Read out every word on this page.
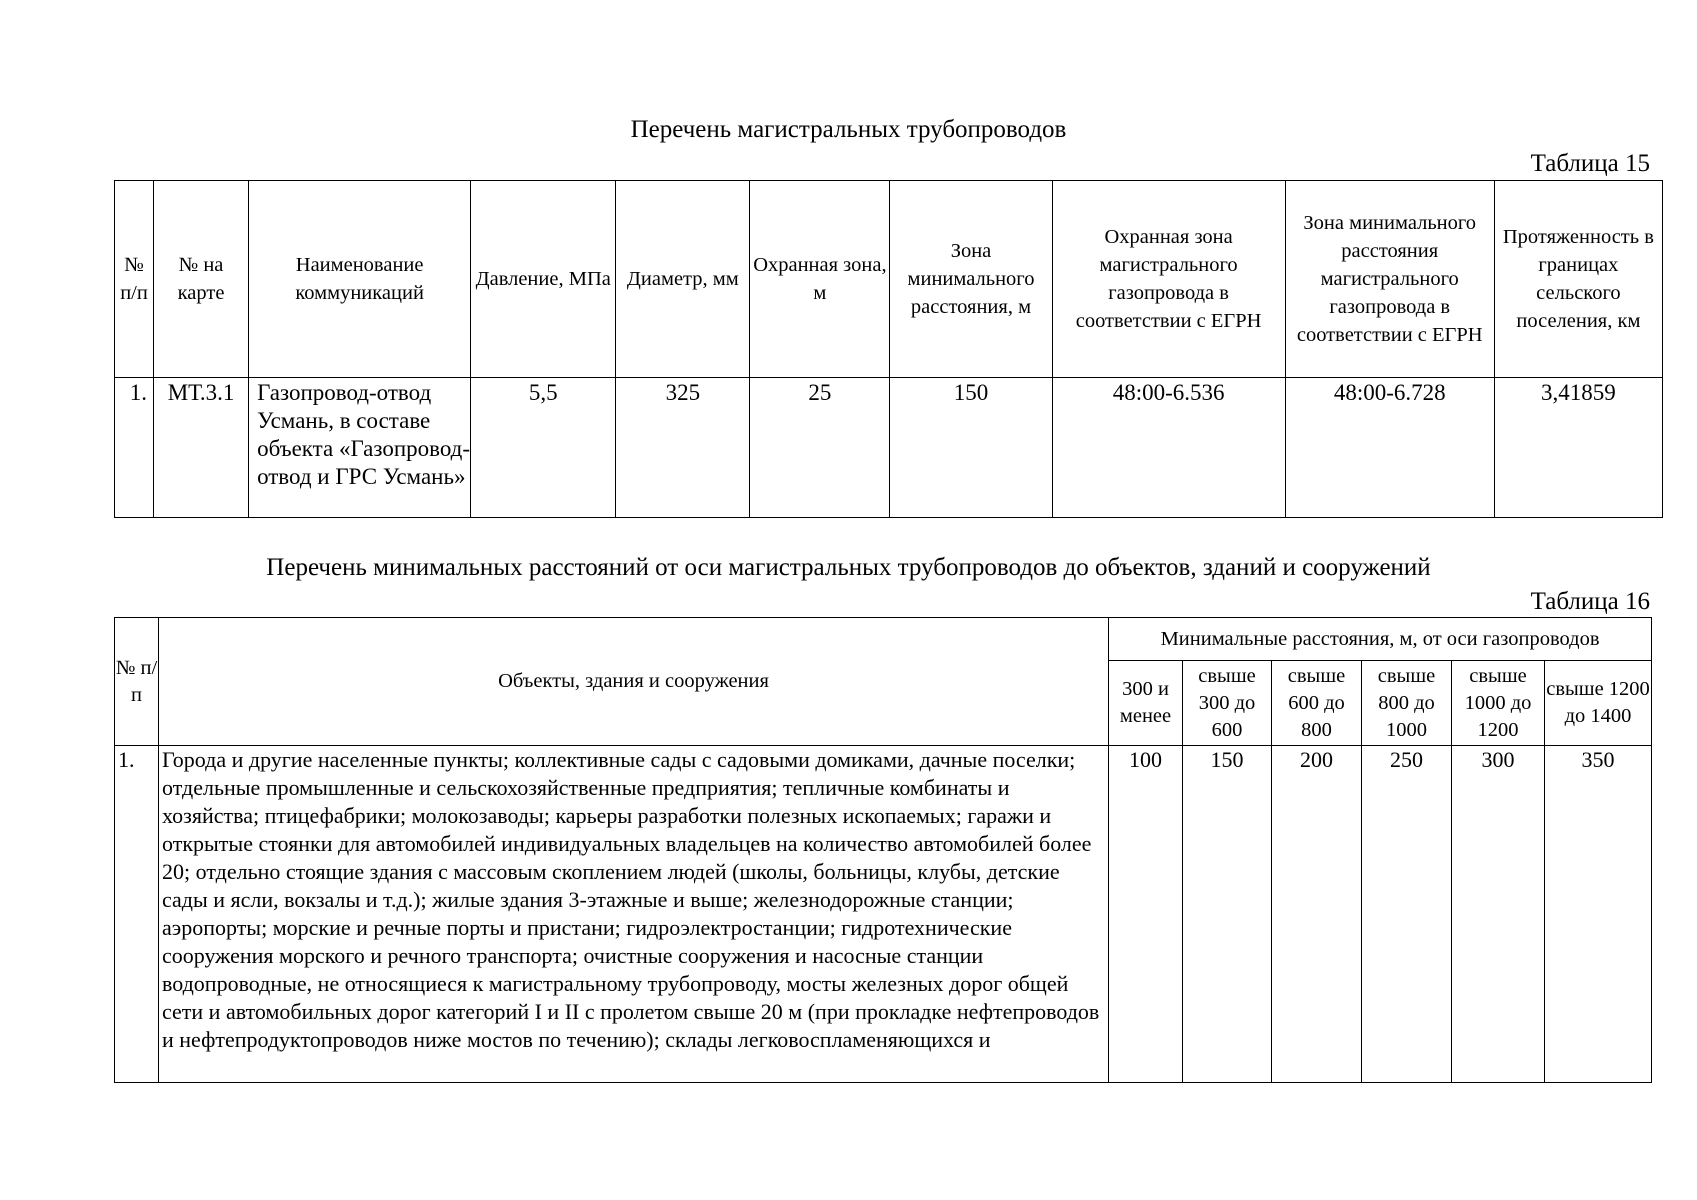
Перечень магистральных трубопроводов
Таблица 15
№ п/п	№ на карте	Наименование коммуникаций	Давление, МПа	Диаметр, мм	Охранная зона, м	Зона минимального расстояния, м	Охранная зона магистрального газопровода в соответствии с ЕГРН	Зона минимального расстояния магистрального газопровода в соответствии с ЕГРН	Протяженность в границах сельского поселения, км
1.	МТ.3.1	Газопровод-отвод Усмань, в составе объекта «Газопровод-отвод и ГРС Усмань»	5,5	325	25	150	48:00-6.536	48:00-6.728	3,41859
Перечень минимальных расстояний от оси магистральных трубопроводов до объектов, зданий и сооружений
Таблица 16
№ п/п	Объекты, здания и сооружения	Минимальные расстояния, м, от оси газопроводов					
		300 и менее	свыше 300 до 600	свыше 600 до 800	свыше 800 до 1000	свыше 1000 до 1200	свыше 1200 до 1400
1.	Города и другие населенные пункты; коллективные сады с садовыми домиками, дачные поселки; отдельные промышленные и сельскохозяйственные предприятия; тепличные комбинаты и хозяйства; птицефабрики; молокозаводы; карьеры разработки полезных ископаемых; гаражи и открытые стоянки для автомобилей индивидуальных владельцев на количество автомобилей более 20; отдельно стоящие здания с массовым скоплением людей (школы, больницы, клубы, детские сады и ясли, вокзалы и т.д.); жилые здания 3-этажные и выше; железнодорожные станции; аэропорты; морские и речные порты и пристани; гидроэлектростанции; гидротехнические сооружения морского и речного транспорта; очистные сооружения и насосные станции водопроводные, не относящиеся к магистральному трубопроводу, мосты железных дорог общей сети и автомобильных дорог категорий I и II с пролетом свыше 20 м (при прокладке нефтепроводов и нефтепродуктопроводов ниже мостов по течению); склады легковоспламеняющихся и	100	150	200	250	300	350
